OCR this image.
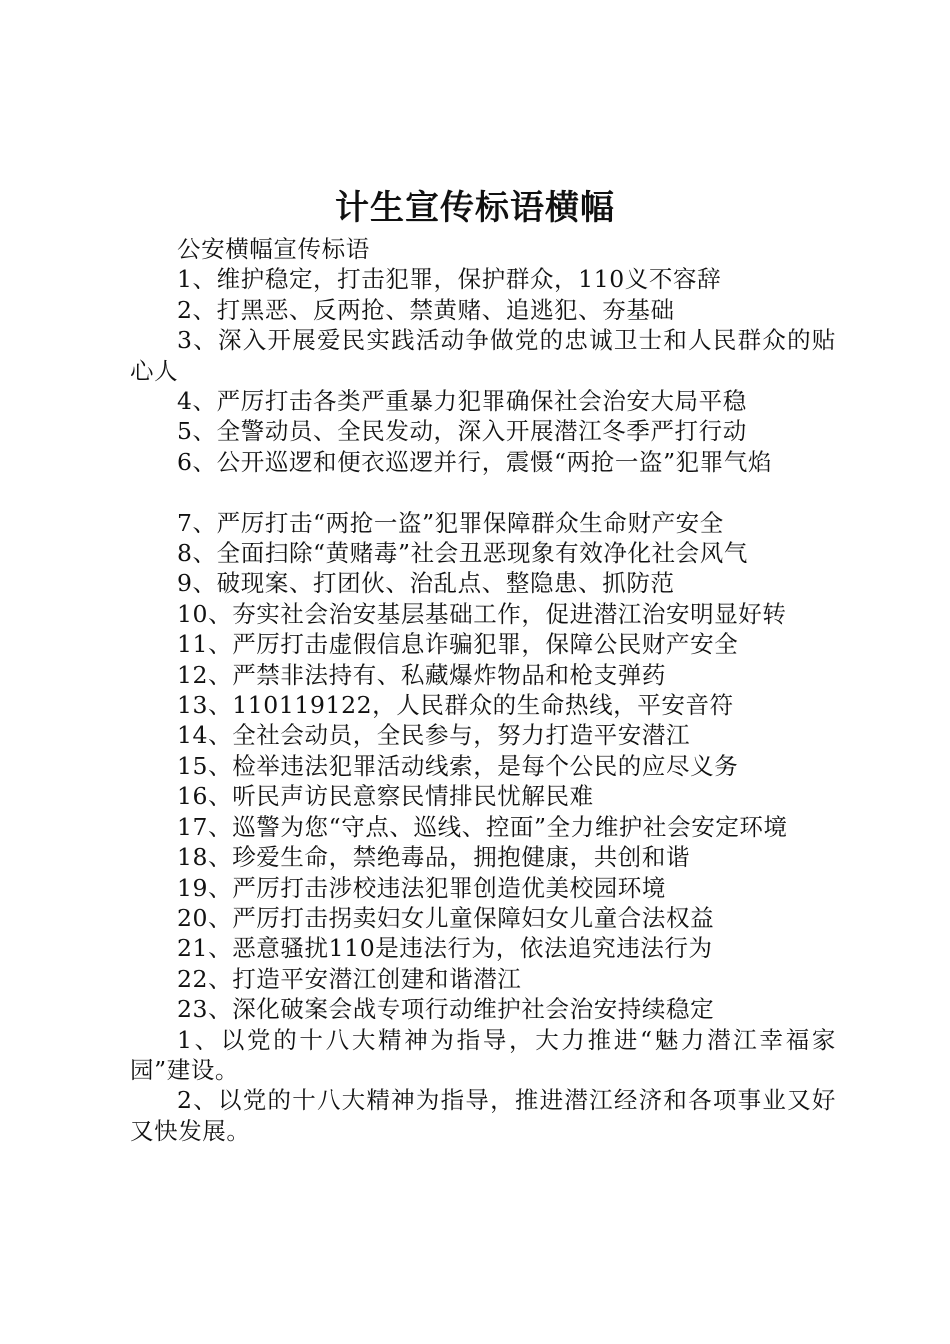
计生宣传标语横幅

公安横幅宣传标语

1、维护稳定，打击犯罪，保护群众，110义不容辞

2、打黑恶、反两抢、禁黄赌、追逃犯、夯基础

3、深入开展爱民实践活动争做党的忠诚卫士和人民群众的贴心人

4、严厉打击各类严重暴力犯罪确保社会治安大局平稳

5、全警动员、全民发动，深入开展潜江冬季严打行动

6、公开巡逻和便衣巡逻并行，震慑“两抢一盗”犯罪气焰

7、严厉打击“两抢一盗”犯罪保障群众生命财产安全

8、全面扫除“黄赌毒”社会丑恶现象有效净化社会风气

9、破现案、打团伙、治乱点、整隐患、抓防范

10、夯实社会治安基层基础工作，促进潜江治安明显好转

11、严厉打击虚假信息诈骗犯罪，保障公民财产安全

12、严禁非法持有、私藏爆炸物品和枪支弹药

13、110119122，人民群众的生命热线，平安音符

14、全社会动员，全民参与，努力打造平安潜江

15、检举违法犯罪活动线索，是每个公民的应尽义务

16、听民声访民意察民情排民忧解民难

17、巡警为您“守点、巡线、控面”全力维护社会安定环境

18、珍爱生命，禁绝毒品，拥抱健康，共创和谐

19、严厉打击涉校违法犯罪创造优美校园环境

20、严厉打击拐卖妇女儿童保障妇女儿童合法权益

21、恶意骚扰110是违法行为，依法追究违法行为

22、打造平安潜江创建和谐潜江

23、深化破案会战专项行动维护社会治安持续稳定

1、以党的十八大精神为指导，大力推进“魅力潜江幸福家园”建设。

2、以党的十八大精神为指导，推进潜江经济和各项事业又好又快发展。
